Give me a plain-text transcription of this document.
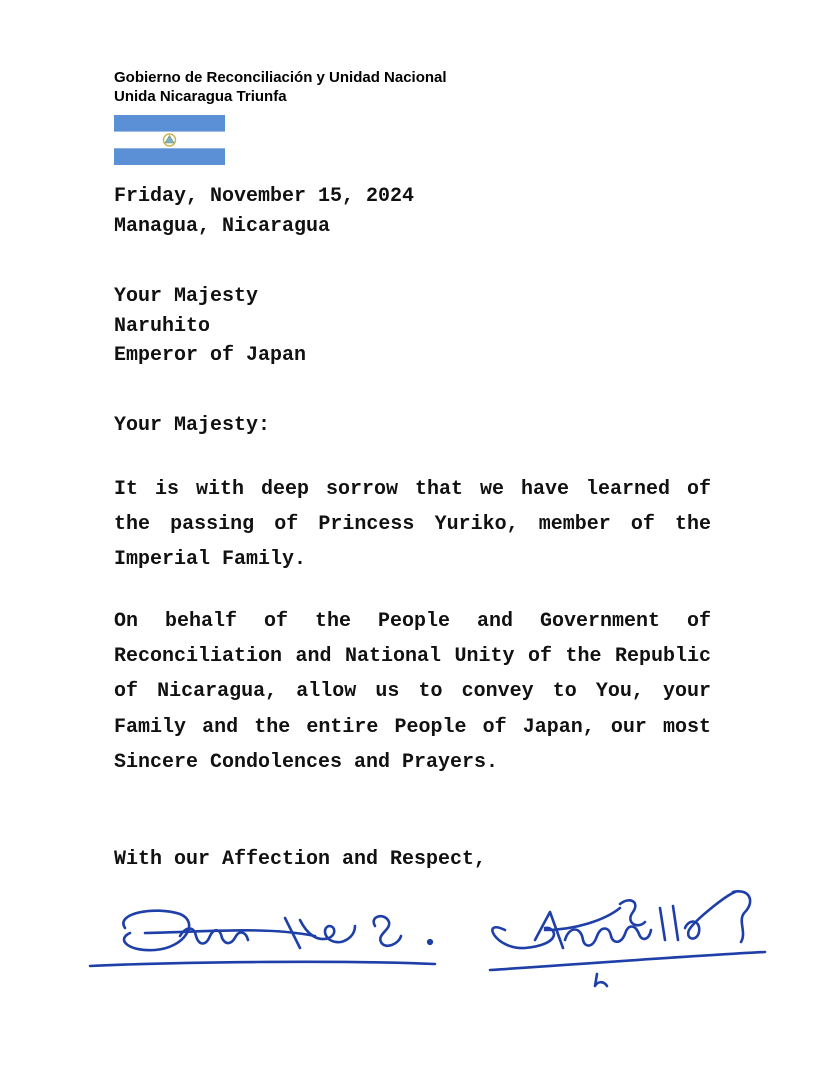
Gobierno de Reconciliación y Unidad Nacional
Unida Nicaragua Triunfa
Friday, November 15, 2024
Managua, Nicaragua
Your Majesty
Naruhito
Emperor of Japan
Your Majesty:
It is with deep sorrow that we have learned of the passing of Princess Yuriko, member of the Imperial Family.
On behalf of the People and Government of Reconciliation and National Unity of the Republic of Nicaragua, allow us to convey to You, your Family and the entire People of Japan, our most Sincere Condolences and Prayers.
With our Affection and Respect,
